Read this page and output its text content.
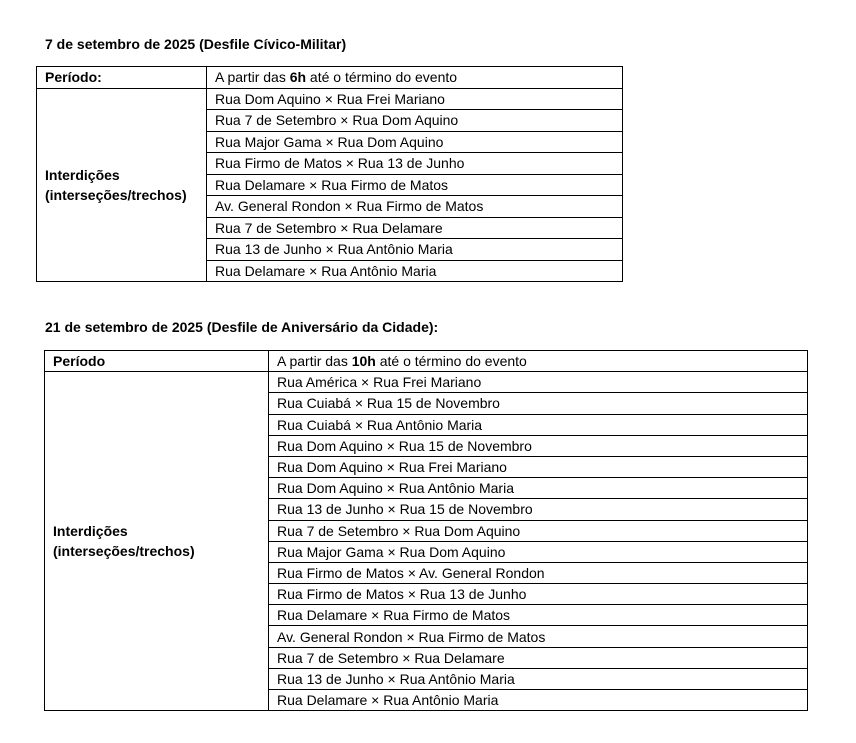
7 de setembro de 2025 (Desfile Cívico-Militar)

Período:	A partir das 6h até o término do evento
Interdições
(interseções/trechos)	Rua Dom Aquino × Rua Frei Mariano
	Rua 7 de Setembro × Rua Dom Aquino
	Rua Major Gama × Rua Dom Aquino
	Rua Firmo de Matos × Rua 13 de Junho
	Rua Delamare × Rua Firmo de Matos
	Av. General Rondon × Rua Firmo de Matos
	Rua 7 de Setembro × Rua Delamare
	Rua 13 de Junho × Rua Antônio Maria
	Rua Delamare × Rua Antônio Maria

21 de setembro de 2025 (Desfile de Aniversário da Cidade):

Período	A partir das 10h até o término do evento
Interdições
(interseções/trechos)	Rua América × Rua Frei Mariano
	Rua Cuiabá × Rua 15 de Novembro
	Rua Cuiabá × Rua Antônio Maria
	Rua Dom Aquino × Rua 15 de Novembro
	Rua Dom Aquino × Rua Frei Mariano
	Rua Dom Aquino × Rua Antônio Maria
	Rua 13 de Junho × Rua 15 de Novembro
	Rua 7 de Setembro × Rua Dom Aquino
	Rua Major Gama × Rua Dom Aquino
	Rua Firmo de Matos × Av. General Rondon
	Rua Firmo de Matos × Rua 13 de Junho
	Rua Delamare × Rua Firmo de Matos
	Av. General Rondon × Rua Firmo de Matos
	Rua 7 de Setembro × Rua Delamare
	Rua 13 de Junho × Rua Antônio Maria
	Rua Delamare × Rua Antônio Maria
